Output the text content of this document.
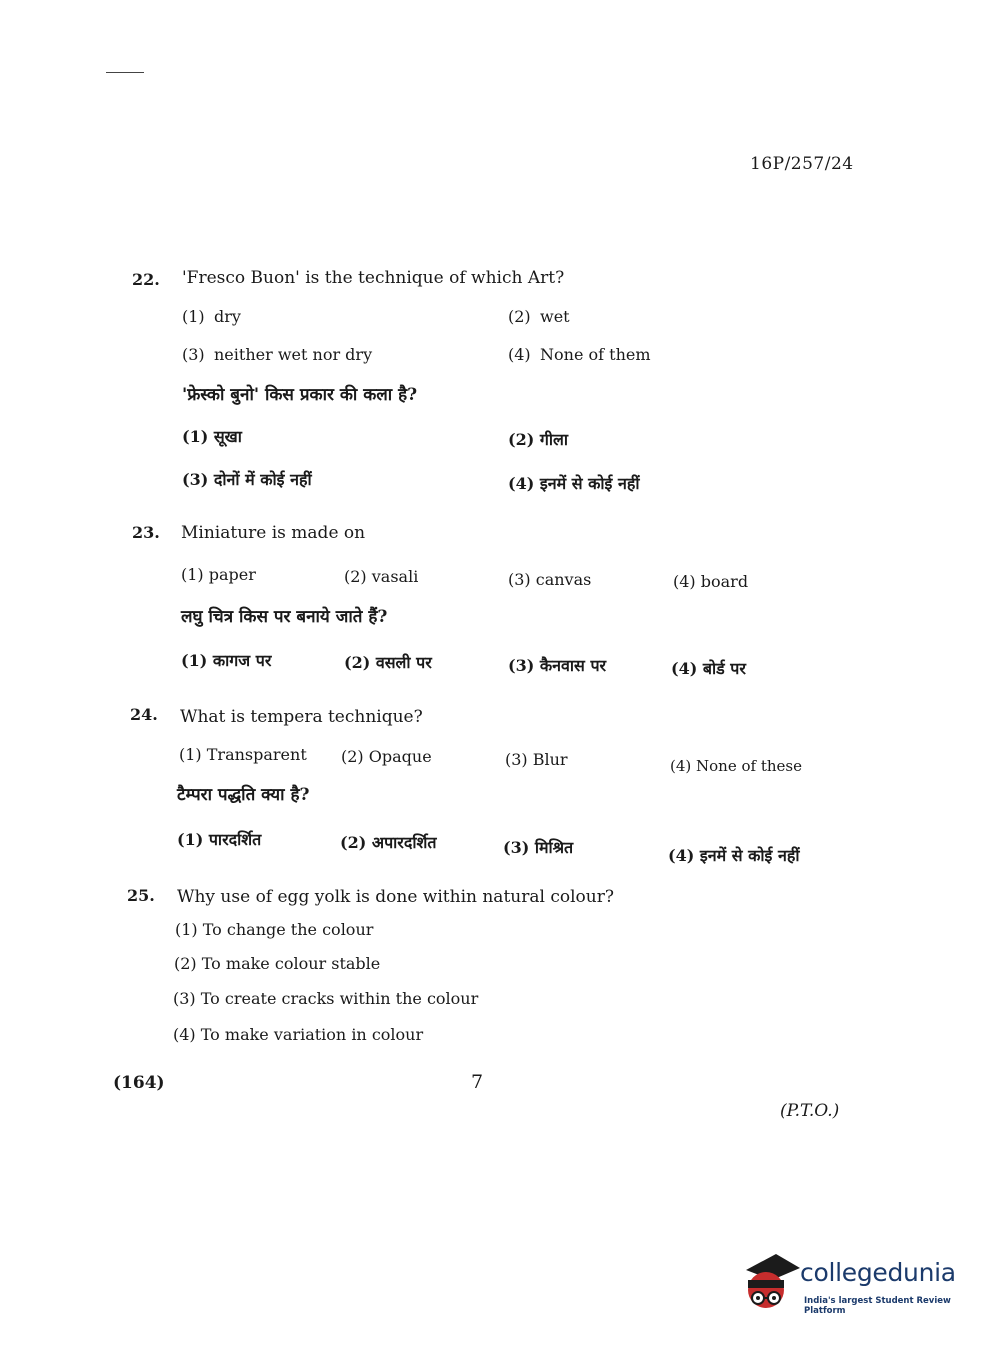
16P/257/24
22. 'Fresco Buon' is the technique of which Art?
(1) dry	(2) wet
(3) neither wet nor dry	(4) None of them
'फ्रेस्को बुनो' किस प्रकार की कला है?
(1) सूखा	(2) गीला
(3) दोनों में कोई नहीं	(4) इनमें से कोई नहीं
23. Miniature is made on
(1) paper	(2) vasali	(3) canvas	(4) board
लघु चित्र किस पर बनाये जाते हैं?
(1) कागज पर	(2) वसली पर	(3) कैनवास पर	(4) बोर्ड पर
24. What is tempera technique?
(1) Transparent (2) Opaque	(3) Blur	(4) None of these
टैम्परा पद्धति क्या है?
(1) पारदर्शित	(2) अपारदर्शित	(3) मिश्रित	(4) इनमें से कोई नहीं
25. Why use of egg yolk is done within natural colour?
(1) To change the colour
(2) To make colour stable
(3) To create cracks within the colour
(4) To make variation in colour
(164)	7
(P.T.O.)
collegedunia
India's largest Student Review Platform
